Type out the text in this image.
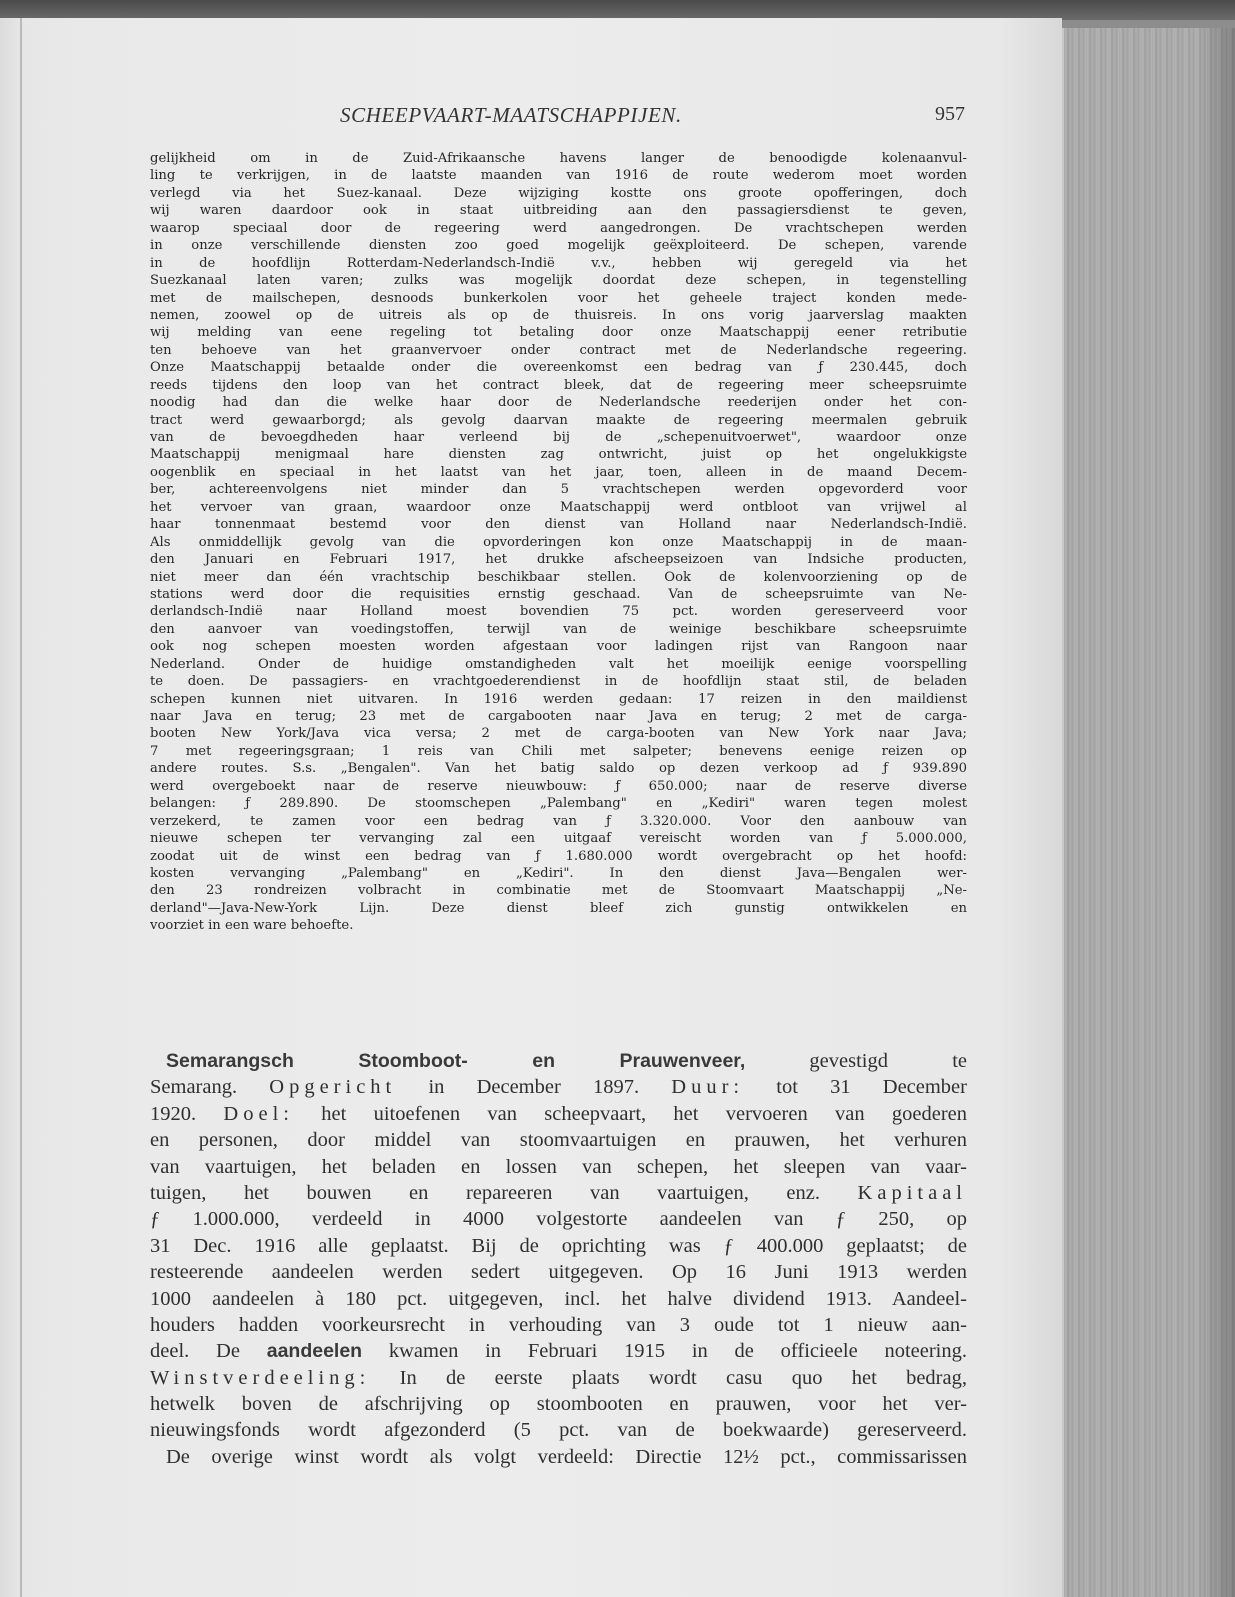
SCHEEPVAART-MAATSCHAPPIJEN.	957
gelijkheid om in de Zuid-Afrikaansche havens langer de benoodigde kolenaanvul-
ling te verkrijgen, in de laatste maanden van 1916 de route wederom moet worden
verlegd via het Suez-kanaal. Deze wijziging kostte ons groote opofferingen, doch
wij waren daardoor ook in staat uitbreiding aan den passagiersdienst te geven,
waarop speciaal door de regeering werd aangedrongen. De vrachtschepen werden
in onze verschillende diensten zoo goed mogelijk geëxploiteerd. De schepen, varende
in de hoofdlijn Rotterdam-Nederlandsch-Indië v.v., hebben wij geregeld via het
Suezkanaal laten varen; zulks was mogelijk doordat deze schepen, in tegenstelling
met de mailschepen, desnoods bunkerkolen voor het geheele traject konden mede-
nemen, zoowel op de uitreis als op de thuisreis. In ons vorig jaarverslag maakten
wij melding van eene regeling tot betaling door onze Maatschappij eener retributie
ten behoeve van het graanvervoer onder contract met de Nederlandsche regeering.
Onze Maatschappij betaalde onder die overeenkomst een bedrag van ƒ 230.445, doch
reeds tijdens den loop van het contract bleek, dat de regeering meer scheepsruimte
noodig had dan die welke haar door de Nederlandsche reederijen onder het con-
tract werd gewaarborgd; als gevolg daarvan maakte de regeering meermalen gebruik
van de bevoegdheden haar verleend bij de „schepenuitvoerwet", waardoor onze
Maatschappij menigmaal hare diensten zag ontwricht, juist op het ongelukkigste
oogenblik en speciaal in het laatst van het jaar, toen, alleen in de maand Decem-
ber, achtereenvolgens niet minder dan 5 vrachtschepen werden opgevorderd voor
het vervoer van graan, waardoor onze Maatschappij werd ontbloot van vrijwel al
haar tonnenmaat bestemd voor den dienst van Holland naar Nederlandsch-Indië.
Als onmiddellijk gevolg van die opvorderingen kon onze Maatschappij in de maan-
den Januari en Februari 1917, het drukke afscheepseizoen van Indsiche producten,
niet meer dan één vrachtschip beschikbaar stellen. Ook de kolenvoorziening op de
stations werd door die requisities ernstig geschaad. Van de scheepsruimte van Ne-
derlandsch-Indië naar Holland moest bovendien 75 pct. worden gereserveerd voor
den aanvoer van voedingstoffen, terwijl van de weinige beschikbare scheepsruimte
ook nog schepen moesten worden afgestaan voor ladingen rijst van Rangoon naar
Nederland. Onder de huidige omstandigheden valt het moeilijk eenige voorspelling
te doen. De passagiers- en vrachtgoederendienst in de hoofdlijn staat stil, de beladen
schepen kunnen niet uitvaren. In 1916 werden gedaan: 17 reizen in den maildienst
naar Java en terug; 23 met de cargabooten naar Java en terug; 2 met de carga-
booten New York/Java vica versa; 2 met de carga-booten van New York naar Java;
7 met regeeringsgraan; 1 reis van Chili met salpeter; benevens eenige reizen op
andere routes. S.s. „Bengalen". Van het batig saldo op dezen verkoop ad ƒ 939.890
werd overgeboekt naar de reserve nieuwbouw: ƒ 650.000; naar de reserve diverse
belangen: ƒ 289.890. De stoomschepen „Palembang" en „Kediri" waren tegen molest
verzekerd, te zamen voor een bedrag van ƒ 3.320.000. Voor den aanbouw van
nieuwe schepen ter vervanging zal een uitgaaf vereischt worden van ƒ 5.000.000,
zoodat uit de winst een bedrag van ƒ 1.680.000 wordt overgebracht op het hoofd:
kosten vervanging „Palembang" en „Kediri". In den dienst Java—Bengalen wer-
den 23 rondreizen volbracht in combinatie met de Stoomvaart Maatschappij „Ne-
derland"—Java-New-York Lijn. Deze dienst bleef zich gunstig ontwikkelen en
voorziet in een ware behoefte.
Semarangsch Stoomboot- en Prauwenveer, gevestigd te
Semarang. Opgericht in December 1897. Duur: tot 31 December
1920. Doel: het uitoefenen van scheepvaart, het vervoeren van goederen
en personen, door middel van stoomvaartuigen en prauwen, het verhuren
van vaartuigen, het beladen en lossen van schepen, het sleepen van vaar-
tuigen, het bouwen en repareeren van vaartuigen, enz. Kapitaal
ƒ 1.000.000, verdeeld in 4000 volgestorte aandeelen van ƒ 250, op
31 Dec. 1916 alle geplaatst. Bij de oprichting was ƒ 400.000 geplaatst; de
resteerende aandeelen werden sedert uitgegeven. Op 16 Juni 1913 werden
1000 aandeelen à 180 pct. uitgegeven, incl. het halve dividend 1913. Aandeel-
houders hadden voorkeursrecht in verhouding van 3 oude tot 1 nieuw aan-
deel. De aandeelen kwamen in Februari 1915 in de officieele noteering.
Winstverdeeling: In de eerste plaats wordt casu quo het bedrag,
hetwelk boven de afschrijving op stoombooten en prauwen, voor het ver-
nieuwingsfonds wordt afgezonderd (5 pct. van de boekwaarde) gereserveerd.
De overige winst wordt als volgt verdeeld: Directie 12½ pct., commissarissen
